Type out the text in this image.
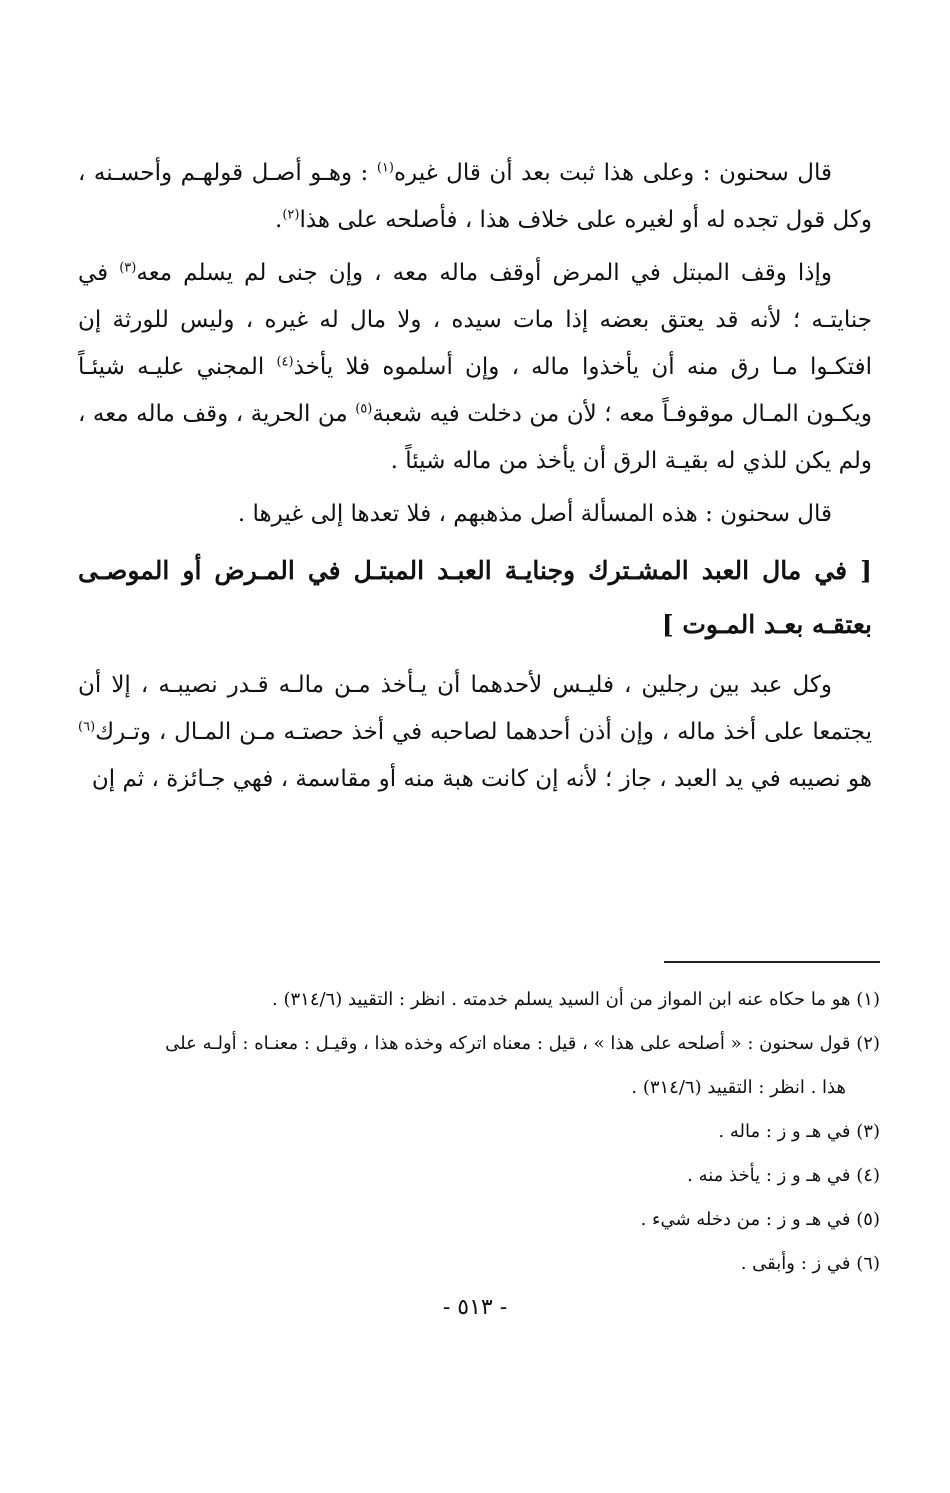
قال سحنون : وعلى هذا ثبت بعد أن قال غيره$^{(١)}$ : وهـو أصـل قولهـم وأحسـنه ، وكل قول تجده له أو لغيره على خلاف هذا ، فأصلحه على هذا$^{(٢)}$.

وإذا وقف المبتل في المرض أوقف ماله معه ، وإن جنى لم يسلم معه$^{(٣)}$ في جنايتـه ؛ لأنه قد يعتق بعضه إذا مات سيده ، ولا مال له غيره ، وليس للورثة إن افتكـوا مـا رق منه أن يأخذوا ماله ، وإن أسلموه فلا يأخذ$^{(٤)}$ المجني عليـه شيئـاً ويكـون المـال موقوفـاً معه ؛ لأن من دخلت فيه شعبة$^{(٥)}$ من الحرية ، وقف ماله معه ، ولم يكن للذي له بقيـة الرق أن يأخذ من ماله شيئاً .

قال سحنون : هذه المسألة أصل مذهبهم ، فلا تعدها إلى غيرها .

[ في مال العبد المشـترك وجنايـة العبـد المبتـل في المـرض أو الموصـى بعتقـه بعـد المـوت ]

وكل عبد بين رجلين ، فليـس لأحدهما أن يـأخذ مـن مالـه قـدر نصيبـه ، إلا أن يجتمعا على أخذ ماله ، وإن أذن أحدهما لصاحبه في أخذ حصتـه مـن المـال ، وتـرك$^{(٦)}$ هو نصيبه في يد العبد ، جاز ؛ لأنه إن كانت هبة منه أو مقاسمة ، فهي جـائزة ، ثم إن

(١) هو ما حكاه عنه ابن المواز من أن السيد يسلم خدمته . انظر : التقييد (٣١٤/٦) .

(٢) قول سحنون : « أصلحه على هذا » ، قيل : معناه اتركه وخذه هذا ، وقيـل : معنـاه : أولـه على

هذا . انظر : التقييد (٣١٤/٦) .

(٣) في هـ و ز : ماله .

(٤) في هـ و ز : يأخذ منه .

(٥) في هـ و ز : من دخله شيء .

(٦) في ز : وأبقى .

- ٥١٣ -
